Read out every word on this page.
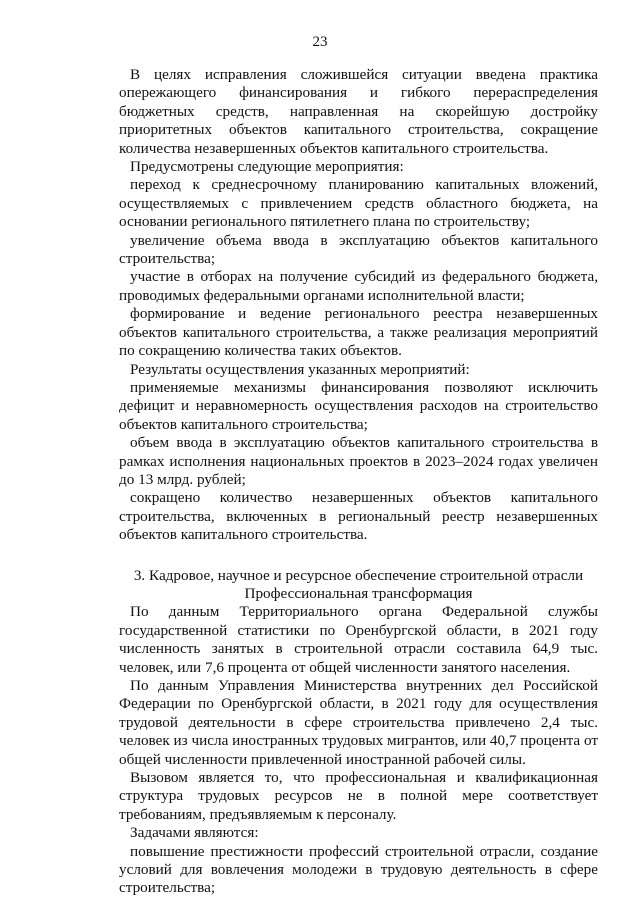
23

В целях исправления сложившейся ситуации введена практика опережающего финансирования и гибкого перераспределения бюджетных средств, направленная на скорейшую достройку приоритетных объектов капитального строительства, сокращение количества незавершенных объектов капитального строительства.

Предусмотрены следующие мероприятия:

переход к среднесрочному планированию капитальных вложений, осуществляемых с привлечением средств областного бюджета, на основании регионального пятилетнего плана по строительству;

увеличение объема ввода в эксплуатацию объектов капитального строительства;

участие в отборах на получение субсидий из федерального бюджета, проводимых федеральными органами исполнительной власти;

формирование и ведение регионального реестра незавершенных объектов капитального строительства, а также реализация мероприятий по сокращению количества таких объектов.

Результаты осуществления указанных мероприятий:

применяемые механизмы финансирования позволяют исключить дефицит и неравномерность осуществления расходов на строительство объектов капитального строительства;

объем ввода в эксплуатацию объектов капитального строительства в рамках исполнения национальных проектов в 2023–2024 годах увеличен до 13 млрд. рублей;

сокращено количество незавершенных объектов капитального строительства, включенных в региональный реестр незавершенных объектов капитального строительства.

3. Кадровое, научное и ресурсное обеспечение строительной отрасли

Профессиональная трансформация

По данным Территориального органа Федеральной службы государственной статистики по Оренбургской области, в 2021 году численность занятых в строительной отрасли составила 64,9 тыс. человек, или 7,6 процента от общей численности занятого населения.

По данным Управления Министерства внутренних дел Российской Федерации по Оренбургской области, в 2021 году для осуществления трудовой деятельности в сфере строительства привлечено 2,4 тыс. человек из числа иностранных трудовых мигрантов, или 40,7 процента от общей численности привлеченной иностранной рабочей силы.

Вызовом является то, что профессиональная и квалификационная структура трудовых ресурсов не в полной мере соответствует требованиям, предъявляемым к персоналу.

Задачами являются:

повышение престижности профессий строительной отрасли, создание условий для вовлечения молодежи в трудовую деятельность в сфере строительства;
